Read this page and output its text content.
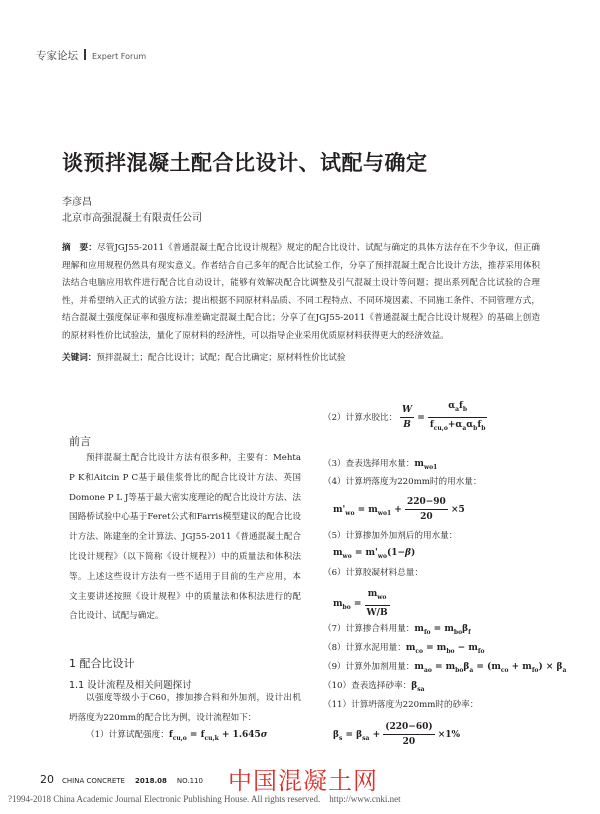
专家论坛 Expert Forum
谈预拌混凝土配合比设计、试配与确定
李彦昌
北京市高强混凝土有限责任公司
摘　要：尽管JGJ55-2011《普通混凝土配合比设计规程》规定的配合比设计、试配与确定的具体方法存在不少争议，但正确理解和应用规程仍然具有现实意义。作者结合自己多年的配合比试验工作，分享了预拌混凝土配合比设计方法，推荐采用体积法结合电脑应用软件进行配合比自动设计，能够有效解决配合比调整及引气混凝土设计等问题；提出系列配合比试验的合理性，并希望纳入正式的试验方法；提出根据不同原材料品质、不同工程特点、不同环境因素、不同施工条件、不同管理方式，结合混凝土强度保证率和强度标准差确定混凝土配合比；分享了在JGJ55-2011《普通混凝土配合比设计规程》的基础上创造的原材料性价比试验法，量化了原材料的经济性，可以指导企业采用优质原材料获得更大的经济效益。
关键词：预拌混凝土；配合比设计；试配；配合比确定；原材料性价比试验
前言
预拌混凝土配合比设计方法有很多种，主要有：Mehta P K和Aitcin P C基于最佳浆骨比的配合比设计方法、英国Domone P L J等基于最大密实度理论的配合比设计方法、法国路桥试验中心基于Feret公式和Farris模型建议的配合比设计方法、陈建奎的全计算法、JGJ55-2011《普通混凝土配合比设计规程》（以下简称《设计规程》）中的质量法和体积法等。上述这些设计方法有一些不适用于目前的生产应用，本文主要讲述按照《设计规程》中的质量法和体积法进行的配合比设计、试配与确定。
1 配合比设计
1.1 设计流程及相关问题探讨
以强度等级小于C60，掺加掺合料和外加剂，设计出机坍落度为220mm的配合比为例，设计流程如下：
（1）计算试配强度：$f_{cu,o} = f_{cu,k} + 1.645\sigma$
（2）计算水胶比： $\frac{W}{B} = \frac{\alpha_af_b}{f_{cu,o}+\alpha_a\alpha_bf_b}$
（3）查表选择用水量：$m_{wo1}$
（4）计算坍落度为220mm时的用水量：
$m'_{wo} = m_{wo1} + \frac{220-90}{20} \times 5$
（5）计算掺加外加剂后的用水量：
$m_{wo} = m'_{wo}(1-\beta)$
（6）计算胶凝材料总量：
$m_{bo} = \frac{m_{wo}}{W/B}$
（7）计算掺合料用量：$m_{fo} = m_{bo}\beta_f$
（8）计算水泥用量：$m_{co} = m_{bo} - m_{fo}$
（9）计算外加剂用量：$m_{ao} = m_{bo}\beta_a = (m_{co} + m_{fo}) \times \beta_a$
（10）查表选择砂率：$\beta_{sa}$
（11）计算坍落度为220mm时的砂率：
$\beta_s = \beta_{sa} + \frac{(220-60)}{20} \times 1\%$
20 CHINA CONCRETE 2018.08 NO.110	中国混凝土网
?1994-2018 China Academic Journal Electronic Publishing House. All rights reserved.　http://www.cnki.net
